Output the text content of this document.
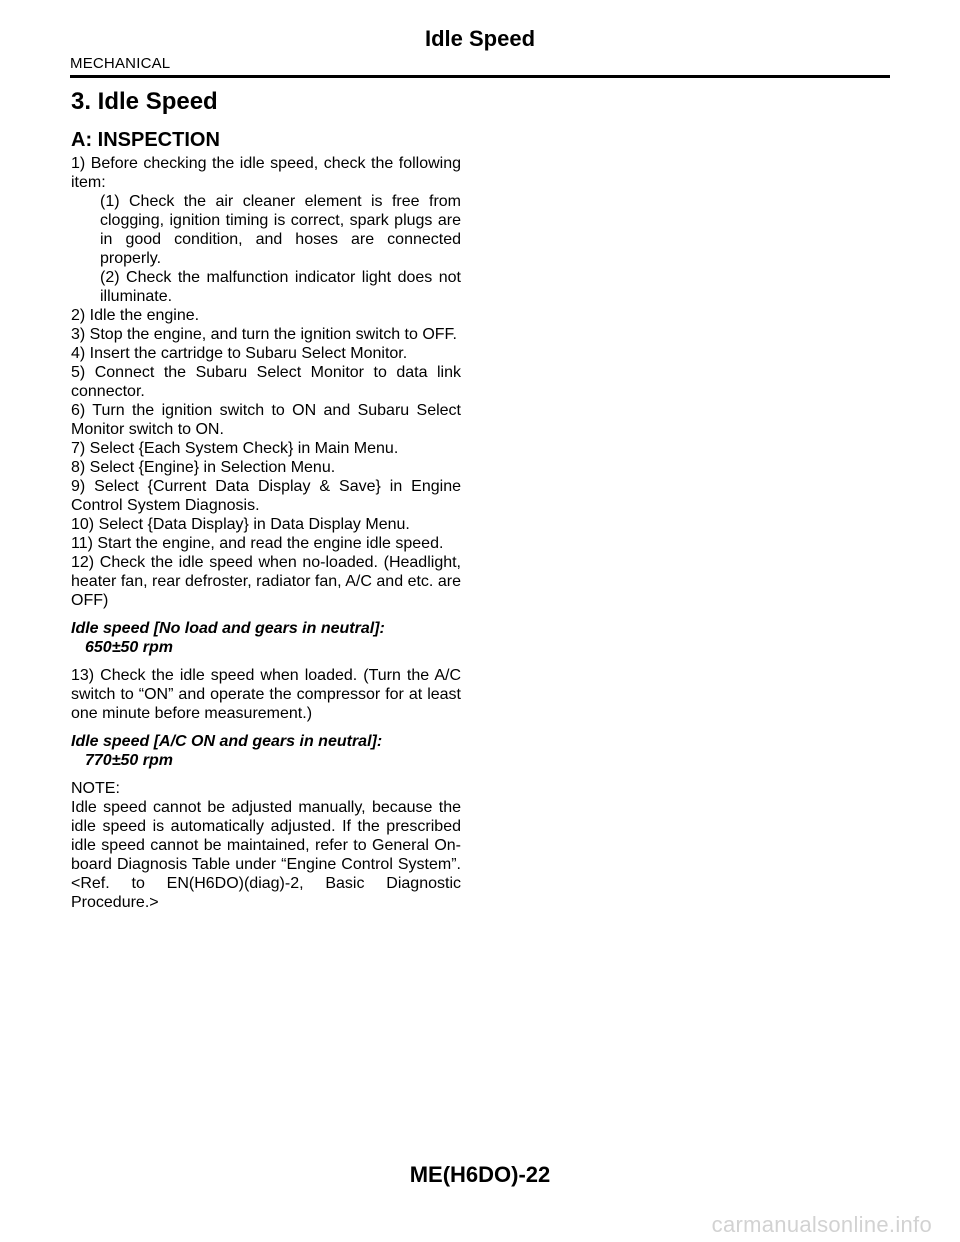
Idle Speed
MECHANICAL
3. Idle Speed
A: INSPECTION

1) Before checking the idle speed, check the following item:

(1) Check the air cleaner element is free from clogging, ignition timing is correct, spark plugs are in good condition, and hoses are connected properly.

(2) Check the malfunction indicator light does not illuminate.

2) Idle the engine.

3) Stop the engine, and turn the ignition switch to OFF.

4) Insert the cartridge to Subaru Select Monitor.

5) Connect the Subaru Select Monitor to data link connector.

6) Turn the ignition switch to ON and Subaru Select Monitor switch to ON.

7) Select {Each System Check} in Main Menu.

8) Select {Engine} in Selection Menu.

9) Select {Current Data Display & Save} in Engine Control System Diagnosis.

10) Select {Data Display} in Data Display Menu.

11) Start the engine, and read the engine idle speed.

12) Check the idle speed when no-loaded. (Headlight, heater fan, rear defroster, radiator fan, A/C and etc. are OFF)

Idle speed [No load and gears in neutral]:
650±50 rpm

13) Check the idle speed when loaded. (Turn the A/C switch to “ON” and operate the compressor for at least one minute before measurement.)

Idle speed [A/C ON and gears in neutral]:
770±50 rpm

NOTE:

Idle speed cannot be adjusted manually, because the idle speed is automatically adjusted. If the prescribed idle speed cannot be maintained, refer to General On-board Diagnosis Table under “Engine Control System”. <Ref. to EN(H6DO)(diag)-2, Basic Diagnostic Procedure.>

ME(H6DO)-22
carmanualsonline.info
